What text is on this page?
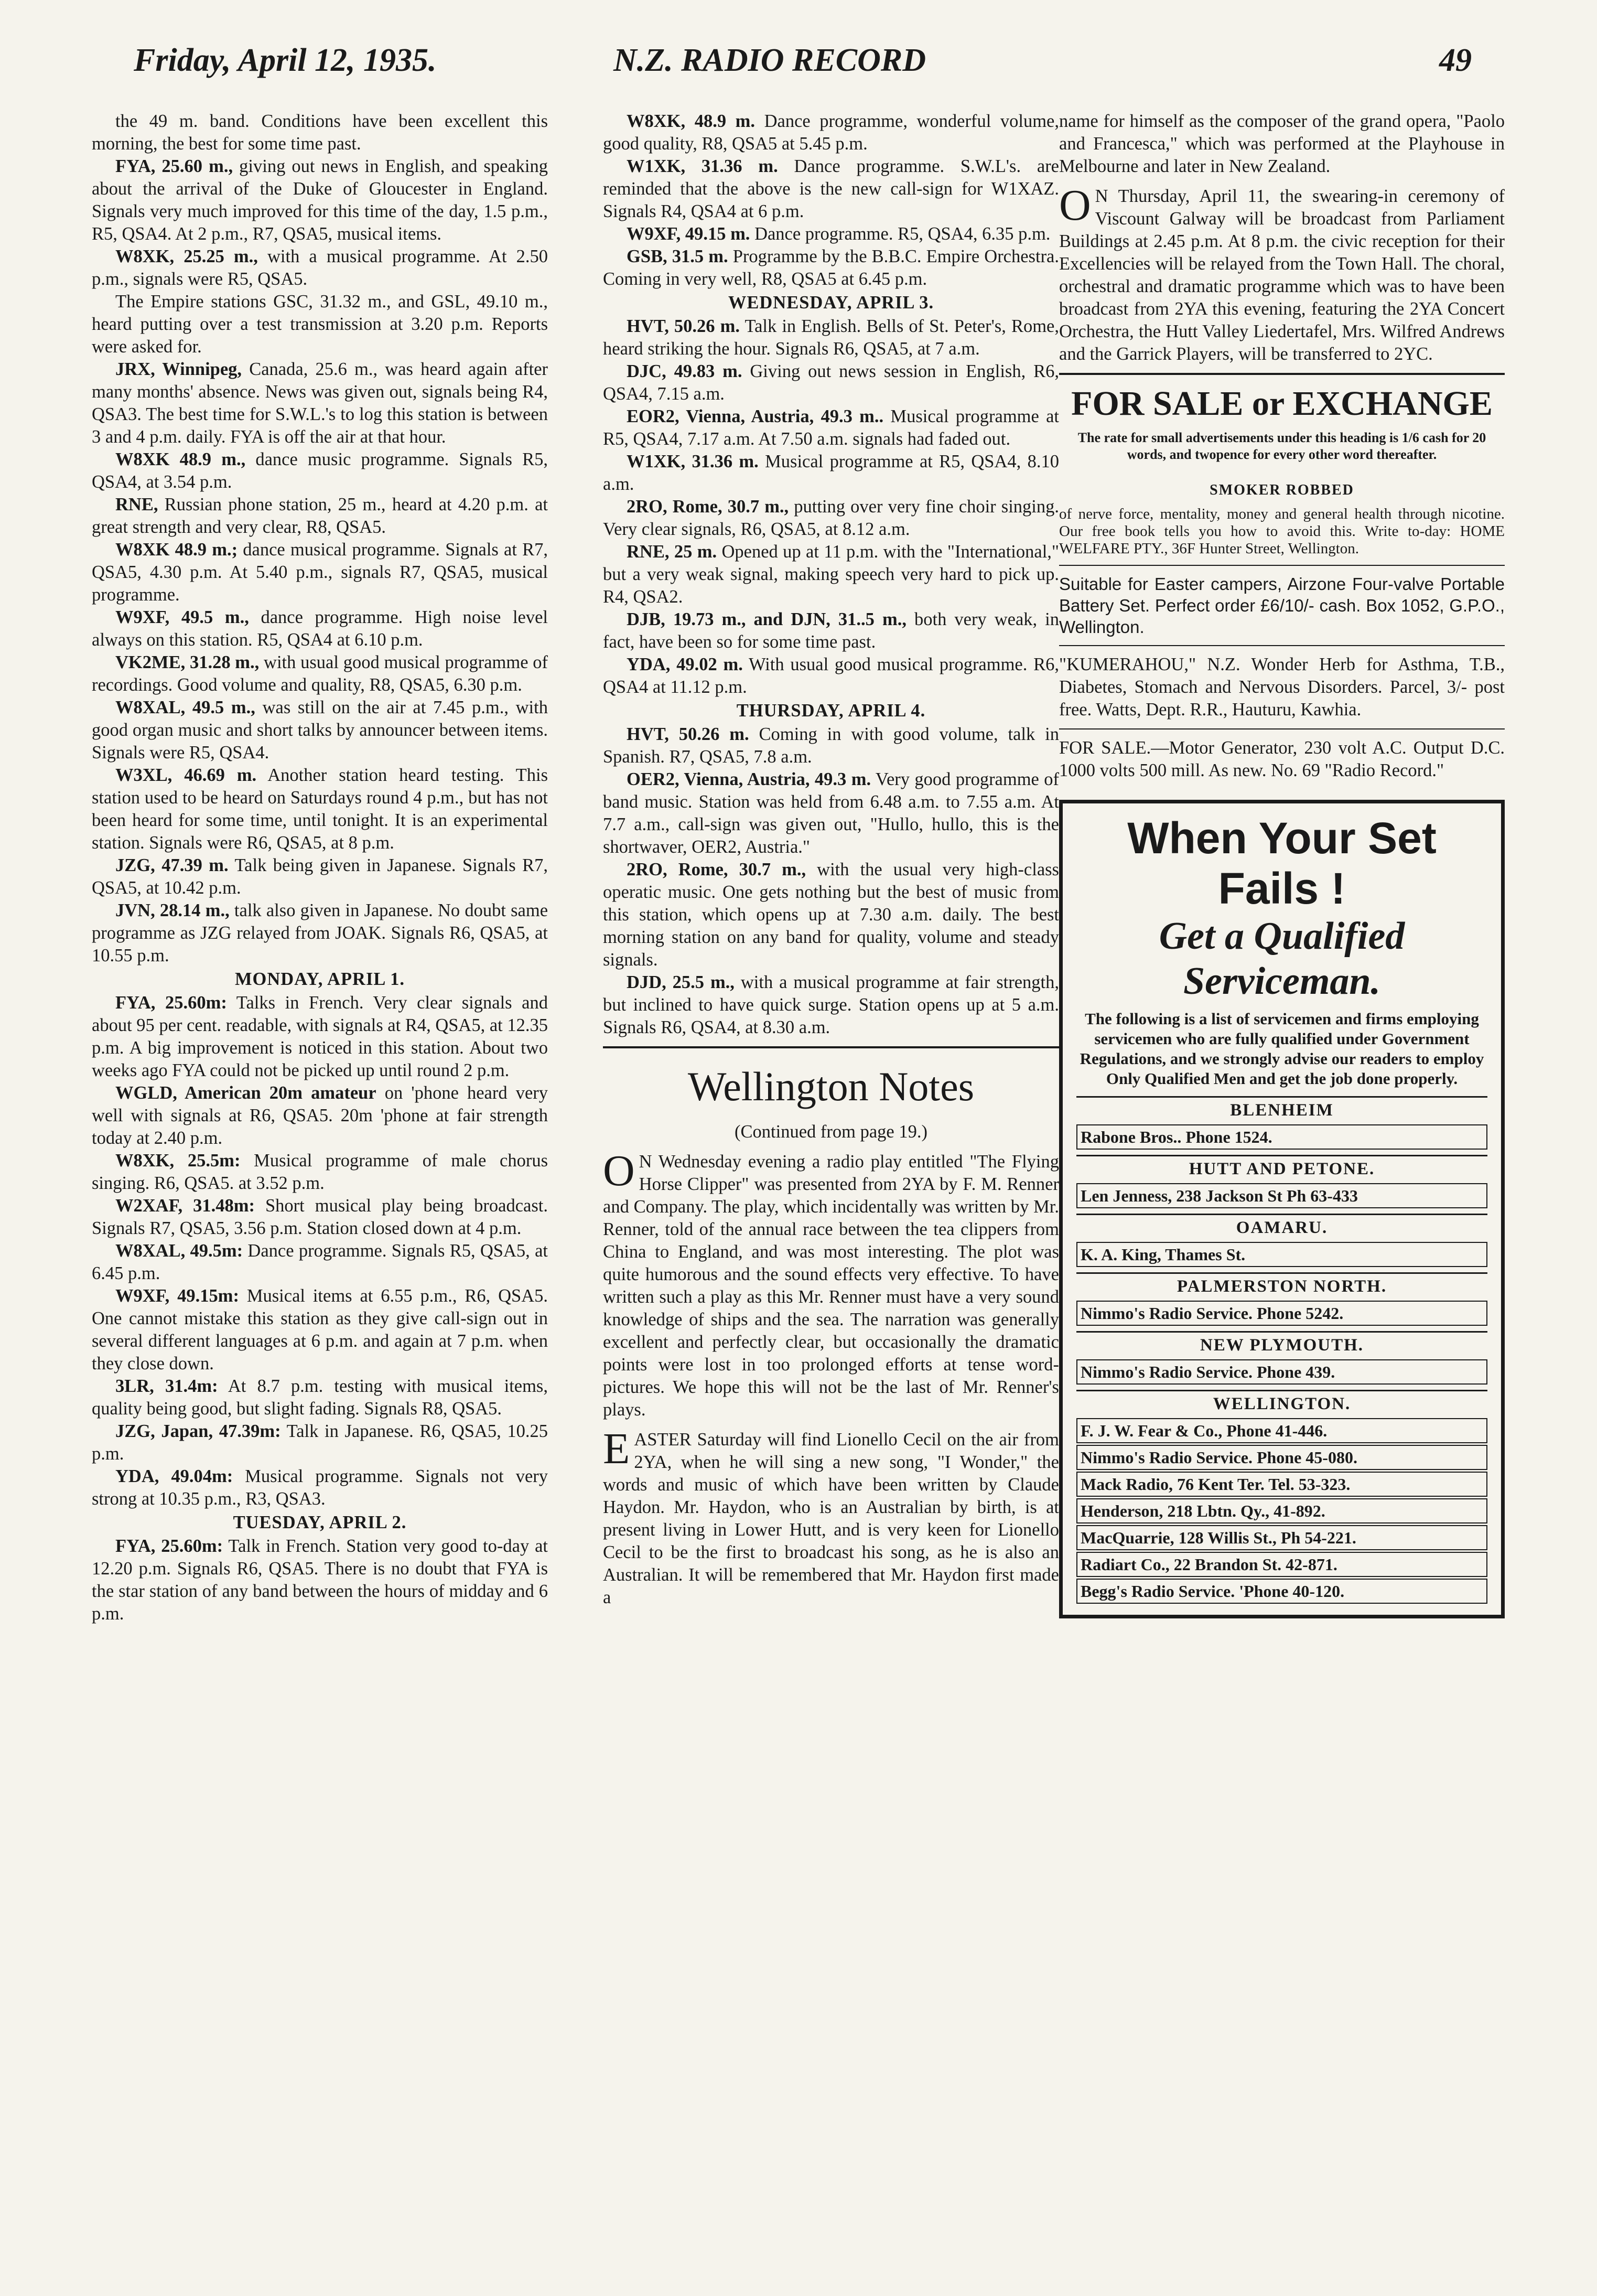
Friday, April 12, 1935.	N.Z. RADIO RECORD	49

the 49 m. band. Conditions have been excellent this morning, the best for some time past.

FYA, 25.60 m., giving out news in English, and speaking about the arrival of the Duke of Gloucester in England. Signals very much improved for this time of the day, 1.5 p.m., R5, QSA4. At 2 p.m., R7, QSA5, musical items.

W8XK, 25.25 m., with a musical programme. At 2.50 p.m., signals were R5, QSA5.

The Empire stations GSC, 31.32 m., and GSL, 49.10 m., heard putting over a test transmission at 3.20 p.m. Reports were asked for.

JRX, Winnipeg, Canada, 25.6 m., was heard again after many months' absence. News was given out, signals being R4, QSA3. The best time for S.W.L.'s to log this station is between 3 and 4 p.m. daily. FYA is off the air at that hour.

W8XK 48.9 m., dance music programme. Signals R5, QSA4, at 3.54 p.m.

RNE, Russian phone station, 25 m., heard at 4.20 p.m. at great strength and very clear, R8, QSA5.

W8XK 48.9 m.; dance musical programme. Signals at R7, QSA5, 4.30 p.m. At 5.40 p.m., signals R7, QSA5, musical programme.

W9XF, 49.5 m., dance programme. High noise level always on this station. R5, QSA4 at 6.10 p.m.

VK2ME, 31.28 m., with usual good musical programme of recordings. Good volume and quality, R8, QSA5, 6.30 p.m.

W8XAL, 49.5 m., was still on the air at 7.45 p.m., with good organ music and short talks by announcer between items. Signals were R5, QSA4.

W3XL, 46.69 m. Another station heard testing. This station used to be heard on Saturdays round 4 p.m., but has not been heard for some time, until tonight. It is an experimental station. Signals were R6, QSA5, at 8 p.m.

JZG, 47.39 m. Talk being given in Japanese. Signals R7, QSA5, at 10.42 p.m.

JVN, 28.14 m., talk also given in Japanese. No doubt same programme as JZG relayed from JOAK. Signals R6, QSA5, at 10.55 p.m.

MONDAY, APRIL 1.

FYA, 25.60m: Talks in French. Very clear signals and about 95 per cent. readable, with signals at R4, QSA5, at 12.35 p.m. A big improvement is noticed in this station. About two weeks ago FYA could not be picked up until round 2 p.m.

WGLD, American 20m amateur on 'phone heard very well with signals at R6, QSA5. 20m 'phone at fair strength today at 2.40 p.m.

W8XK, 25.5m: Musical programme of male chorus singing. R6, QSA5. at 3.52 p.m.

W2XAF, 31.48m: Short musical play being broadcast. Signals R7, QSA5, 3.56 p.m. Station closed down at 4 p.m.

W8XAL, 49.5m: Dance programme. Signals R5, QSA5, at 6.45 p.m.

W9XF, 49.15m: Musical items at 6.55 p.m., R6, QSA5. One cannot mistake this station as they give call-sign out in several different languages at 6 p.m. and again at 7 p.m. when they close down.

3LR, 31.4m: At 8.7 p.m. testing with musical items, quality being good, but slight fading. Signals R8, QSA5.

JZG, Japan, 47.39m: Talk in Japanese. R6, QSA5, 10.25 p.m.

YDA, 49.04m: Musical programme. Signals not very strong at 10.35 p.m., R3, QSA3.

TUESDAY, APRIL 2.

FYA, 25.60m: Talk in French. Station very good to-day at 12.20 p.m. Signals R6, QSA5. There is no doubt that FYA is the star station of any band between the hours of midday and 6 p.m.

W8XK, 48.9 m. Dance programme, wonderful volume, good quality, R8, QSA5 at 5.45 p.m.

W1XK, 31.36 m. Dance programme. S.W.L's. are reminded that the above is the new call-sign for W1XAZ. Signals R4, QSA4 at 6 p.m.

W9XF, 49.15 m. Dance programme. R5, QSA4, 6.35 p.m.

GSB, 31.5 m. Programme by the B.B.C. Empire Orchestra. Coming in very well, R8, QSA5 at 6.45 p.m.

WEDNESDAY, APRIL 3.

HVT, 50.26 m. Talk in English. Bells of St. Peter's, Rome, heard striking the hour. Signals R6, QSA5, at 7 a.m.

DJC, 49.83 m. Giving out news session in English, R6, QSA4, 7.15 a.m.

EOR2, Vienna, Austria, 49.3 m.. Musical programme at R5, QSA4, 7.17 a.m. At 7.50 a.m. signals had faded out.

W1XK, 31.36 m. Musical programme at R5, QSA4, 8.10 a.m.

2RO, Rome, 30.7 m., putting over very fine choir singing. Very clear signals, R6, QSA5, at 8.12 a.m.

RNE, 25 m. Opened up at 11 p.m. with the "International," but a very weak signal, making speech very hard to pick up. R4, QSA2.

DJB, 19.73 m., and DJN, 31..5 m., both very weak, in fact, have been so for some time past.

YDA, 49.02 m. With usual good musical programme. R6, QSA4 at 11.12 p.m.

THURSDAY, APRIL 4.

HVT, 50.26 m. Coming in with good volume, talk in Spanish. R7, QSA5, 7.8 a.m.

OER2, Vienna, Austria, 49.3 m. Very good programme of band music. Station was held from 6.48 a.m. to 7.55 a.m. At 7.7 a.m., call-sign was given out, "Hullo, hullo, this is the shortwaver, OER2, Austria."

2RO, Rome, 30.7 m., with the usual very high-class operatic music. One gets nothing but the best of music from this station, which opens up at 7.30 a.m. daily. The best morning station on any band for quality, volume and steady signals.

DJD, 25.5 m., with a musical programme at fair strength, but inclined to have quick surge. Station opens up at 5 a.m. Signals R6, QSA4, at 8.30 a.m.

Wellington Notes
(Continued from page 19.)

ON Wednesday evening a radio play entitled "The Flying Horse Clipper" was presented from 2YA by F. M. Renner and Company. The play, which incidentally was written by Mr. Renner, told of the annual race between the tea clippers from China to England, and was most interesting. The plot was quite humorous and the sound effects very effective. To have written such a play as this Mr. Renner must have a very sound knowledge of ships and the sea. The narration was generally excellent and perfectly clear, but occasionally the dramatic points were lost in too prolonged efforts at tense word-pictures. We hope this will not be the last of Mr. Renner's plays.

EASTER Saturday will find Lionello Cecil on the air from 2YA, when he will sing a new song, "I Wonder," the words and music of which have been written by Claude Haydon. Mr. Haydon, who is an Australian by birth, is at present living in Lower Hutt, and is very keen for Lionello Cecil to be the first to broadcast his song, as he is also an Australian. It will be remembered that Mr. Haydon first made a

name for himself as the composer of the grand opera, "Paolo and Francesca," which was performed at the Playhouse in Melbourne and later in New Zealand.

ON Thursday, April 11, the swearing-in ceremony of Viscount Galway will be broadcast from Parliament Buildings at 2.45 p.m. At 8 p.m. the civic reception for their Excellencies will be relayed from the Town Hall. The choral, orchestral and dramatic programme which was to have been broadcast from 2YA this evening, featuring the 2YA Concert Orchestra, the Hutt Valley Liedertafel, Mrs. Wilfred Andrews and the Garrick Players, will be transferred to 2YC.

FOR SALE or EXCHANGE
The rate for small advertisements under this heading is 1/6 cash for 20 words, and twopence for every other word thereafter.
SMOKER ROBBED
of nerve force, mentality, money and general health through nicotine. Our free book tells you how to avoid this. Write to-day: HOME WELFARE PTY., 36F Hunter Street, Wellington.

Suitable for Easter campers, Airzone Four-valve Portable Battery Set. Perfect order £6/10/- cash. Box 1052, G.P.O., Wellington.

"KUMERAHOU," N.Z. Wonder Herb for Asthma, T.B., Diabetes, Stomach and Nervous Disorders. Parcel, 3/- post free. Watts, Dept. R.R., Hauturu, Kawhia.

FOR SALE.—Motor Generator, 230 volt A.C. Output D.C. 1000 volts 500 mill. As new. No. 69 "Radio Record."

When Your Set Fails !
Get a Qualified Serviceman.
The following is a list of servicemen and firms employing servicemen who are fully qualified under Government Regulations, and we strongly advise our readers to employ Only Qualified Men and get the job done properly.
BLENHEIM
Rabone Bros.. Phone 1524.
HUTT AND PETONE.
Len Jenness, 238 Jackson St Ph 63-433
OAMARU.
K. A. King, Thames St.
PALMERSTON NORTH.
Nimmo's Radio Service. Phone 5242.
NEW PLYMOUTH.
Nimmo's Radio Service. Phone 439.
WELLINGTON.
F. J. W. Fear & Co., Phone 41-446.
Nimmo's Radio Service. Phone 45-080.
Mack Radio, 76 Kent Ter. Tel. 53-323.
Henderson, 218 Lbtn. Qy., 41-892.
MacQuarrie, 128 Willis St., Ph 54-221.
Radiart Co., 22 Brandon St. 42-871.
Begg's Radio Service. 'Phone 40-120.
